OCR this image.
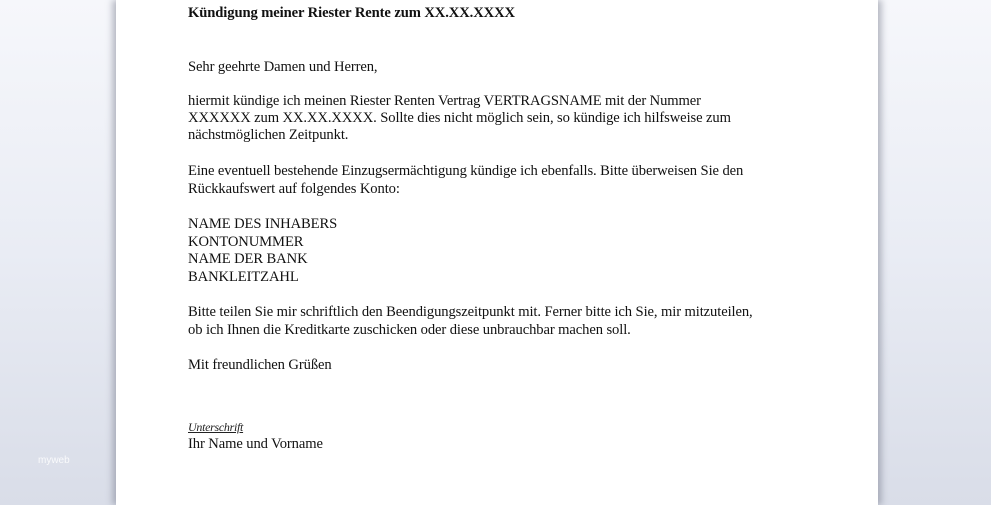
Kündigung meiner Riester Rente zum XX.XX.XXXX
Sehr geehrte Damen und Herren,
hiermit kündige ich meinen Riester Renten Vertrag VERTRAGSNAME mit der Nummer
XXXXXX zum XX.XX.XXXX. Sollte dies nicht möglich sein, so kündige ich hilfsweise zum
nächstmöglichen Zeitpunkt.
Eine eventuell bestehende Einzugsermächtigung kündige ich ebenfalls. Bitte überweisen Sie den
Rückkaufswert auf folgendes Konto:
NAME DES INHABERS
KONTONUMMER
NAME DER BANK
BANKLEITZAHL
Bitte teilen Sie mir schriftlich den Beendigungszeitpunkt mit. Ferner bitte ich Sie, mir mitzuteilen,
ob ich Ihnen die Kreditkarte zuschicken oder diese unbrauchbar machen soll.
Mit freundlichen Grüßen
Unterschrift
Ihr Name und Vorname
myweb
